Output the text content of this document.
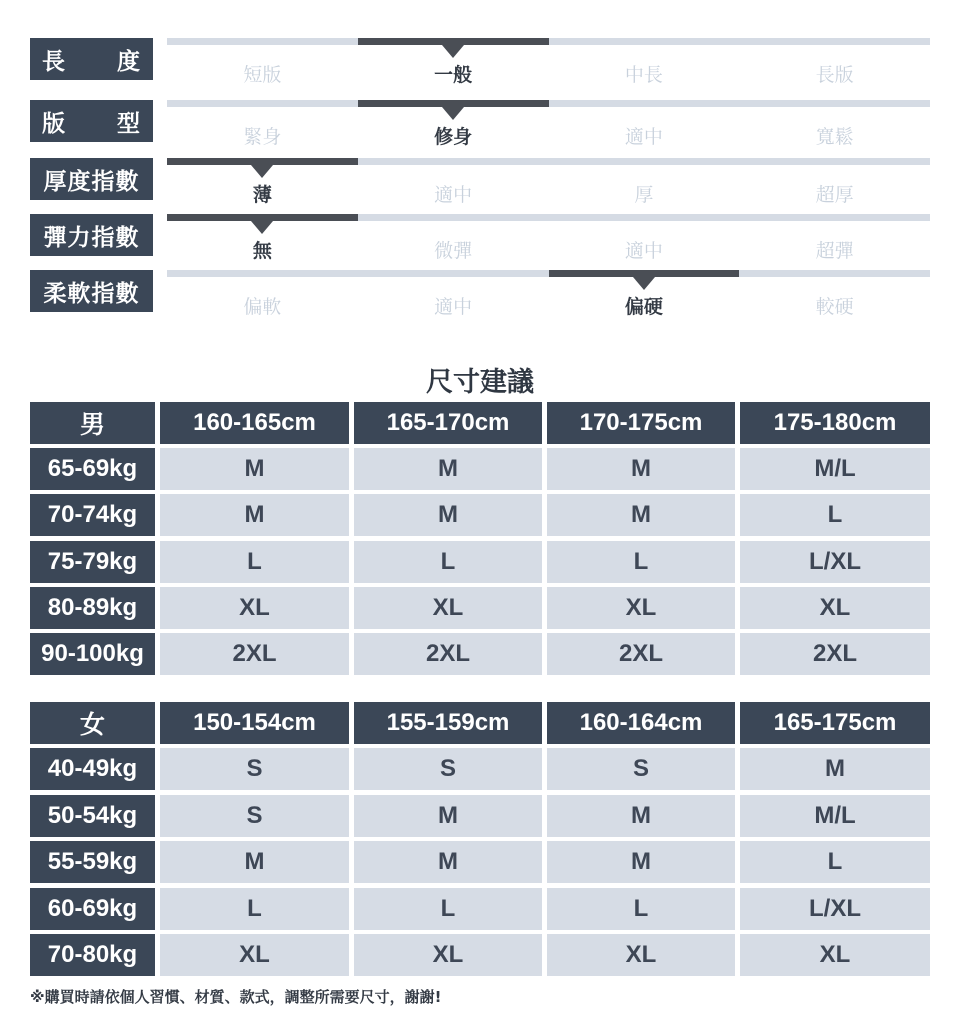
長 度
短版	一般	中長	長版
版 型
緊身	修身	適中	寬鬆
厚度指數
薄	適中	厚	超厚
彈力指數
無	微彈	適中	超彈
柔軟指數
偏軟	適中	偏硬	較硬
尺寸建議
男	160-165cm	165-170cm	170-175cm	175-180cm
65-69kg	M	M	M	M/L
70-74kg	M	M	M	L
75-79kg	L	L	L	L/XL
80-89kg	XL	XL	XL	XL
90-100kg	2XL	2XL	2XL	2XL
女	150-154cm	155-159cm	160-164cm	165-175cm
40-49kg	S	S	S	M
50-54kg	S	M	M	M/L
55-59kg	M	M	M	L
60-69kg	L	L	L	L/XL
70-80kg	XL	XL	XL	XL
※購買時請依個人習慣、材質、款式，調整所需要尺寸，謝謝!
